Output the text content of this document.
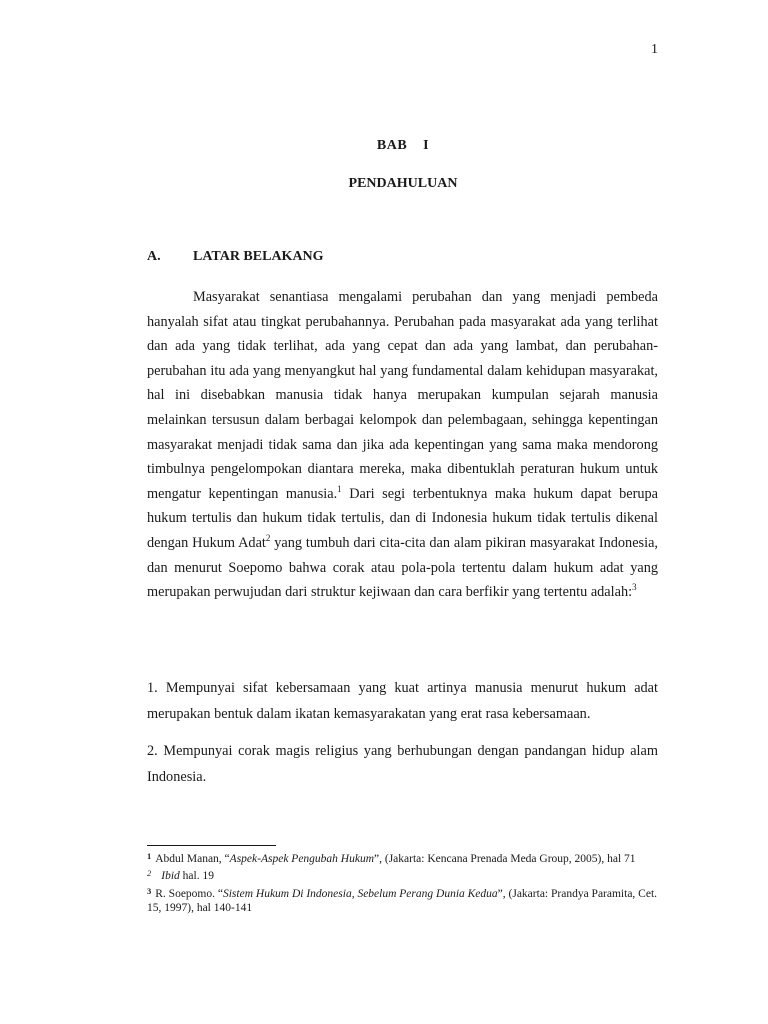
1
BAB  I
PENDAHULUAN
A. LATAR BELAKANG

Masyarakat senantiasa mengalami perubahan dan yang menjadi pembeda hanyalah sifat atau tingkat perubahannya. Perubahan pada masyarakat ada yang terlihat dan ada yang tidak terlihat, ada yang cepat dan ada yang lambat, dan perubahan-perubahan itu ada yang menyangkut hal yang fundamental dalam kehidupan masyarakat, hal ini disebabkan manusia tidak hanya merupakan kumpulan sejarah manusia melainkan tersusun dalam berbagai kelompok dan pelembagaan, sehingga kepentingan masyarakat menjadi tidak sama dan jika ada kepentingan yang sama maka mendorong timbulnya pengelompokan diantara mereka, maka dibentuklah peraturan hukum untuk mengatur kepentingan manusia.$^1$ Dari segi terbentuknya maka hukum dapat berupa hukum tertulis dan hukum tidak tertulis, dan di Indonesia hukum tidak tertulis dikenal dengan Hukum Adat$^2$ yang tumbuh dari cita-cita dan alam pikiran masyarakat Indonesia, dan menurut Soepomo bahwa corak atau pola-pola tertentu dalam hukum adat yang merupakan perwujudan dari struktur kejiwaan dan cara berfikir yang tertentu adalah:$^3$

1. Mempunyai sifat kebersamaan yang kuat artinya manusia menurut hukum adat merupakan bentuk dalam ikatan kemasyarakatan yang erat rasa kebersamaan.

2. Mempunyai corak magis religius yang berhubungan dengan pandangan hidup alam Indonesia.

$^1$ Abdul Manan, “Aspek-Aspek Pengubah Hukum”, (Jakarta: Kencana Prenada Meda Group, 2005), hal 71

$^2$ Ibid hal. 19

$^3$ R. Soepomo. “Sistem Hukum Di Indonesia, Sebelum Perang Dunia Kedua”, (Jakarta: Prandya Paramita, Cet. 15, 1997), hal 140-141
